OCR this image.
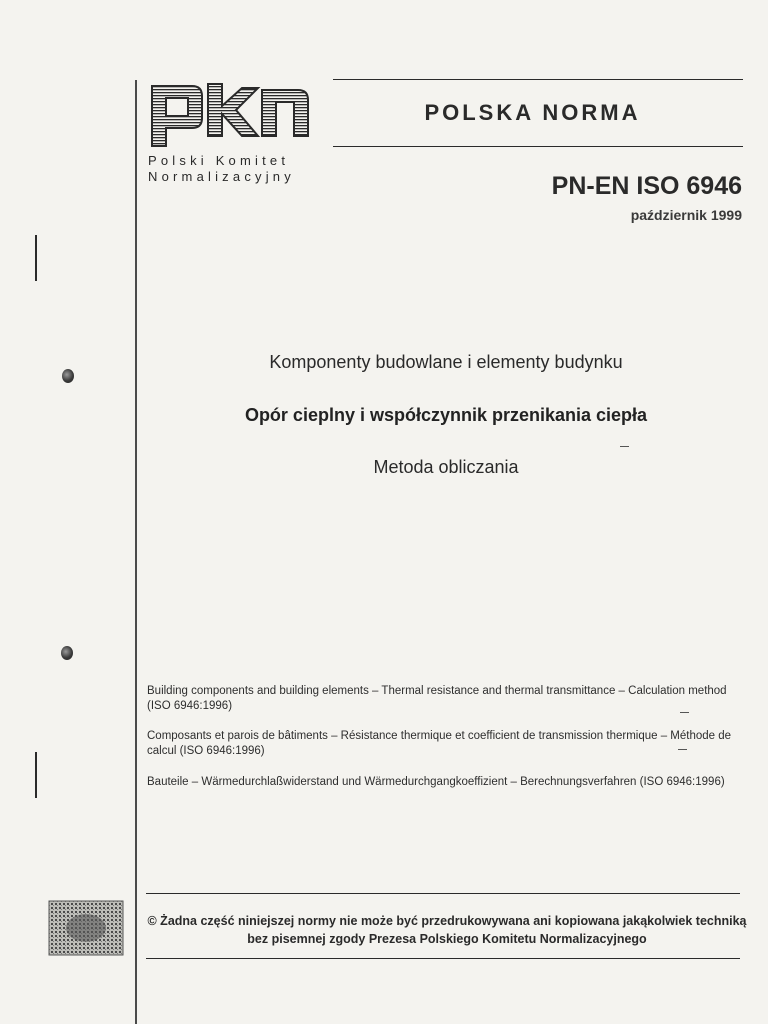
Polski Komitet
Normalizacyjny
POLSKA NORMA
PN-EN ISO 6946
październik 1999
Komponenty budowlane i elementy budynku
Opór cieplny i współczynnik przenikania ciepła
Metoda obliczania
Building components and building elements – Thermal resistance and thermal transmittance – Calculation method (ISO 6946:1996)
Composants et parois de bâtiments – Résistance thermique et coefficient de transmission thermique – Méthode de calcul (ISO 6946:1996)
Bauteile – Wärmedurchlaßwiderstand und Wärmedurchgangkoeffizient – Berechnungsverfahren (ISO 6946:1996)
© Żadna część niniejszej normy nie może być przedrukowywana ani kopiowana jakąkolwiek techniką bez pisemnej zgody Prezesa Polskiego Komitetu Normalizacyjnego
